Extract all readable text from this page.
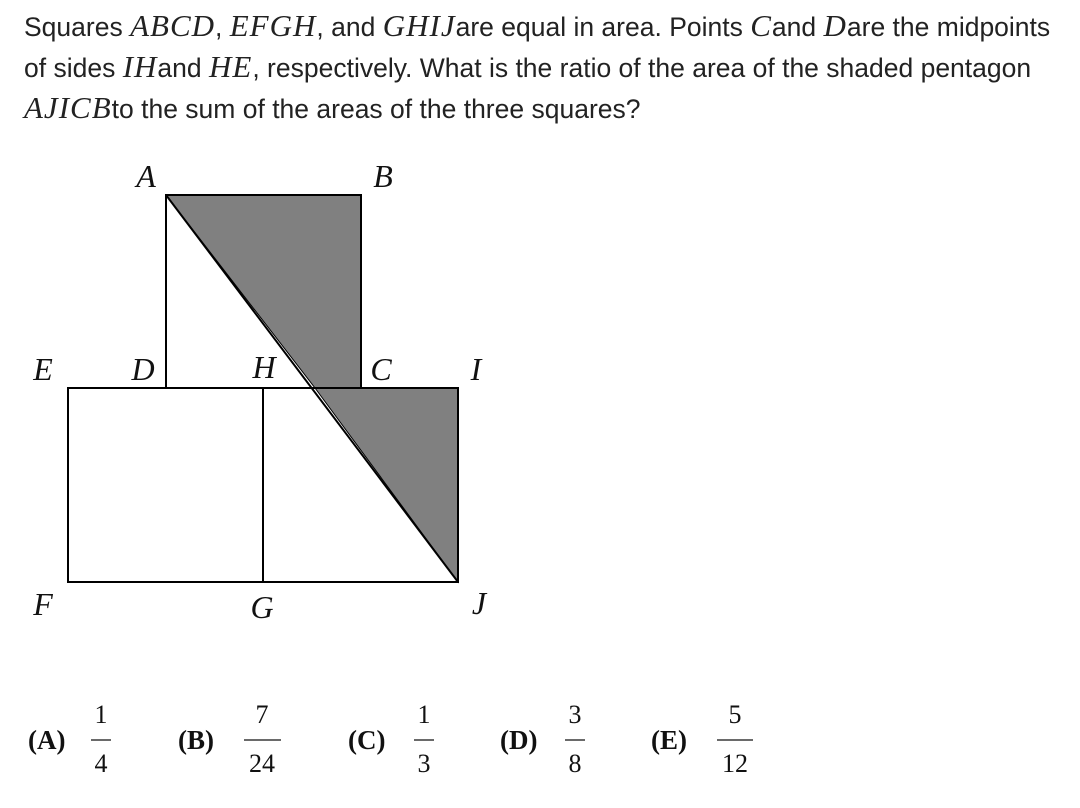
Squares ABCD, EFGH, and GHIJare equal in area. Points Cand Dare the midpoints of sides IHand HE, respectively. What is the ratio of the area of the shaded pentagon AJICBto the sum of the areas of the three squares?

A	B
C
D
E
F	G
H	I
J
(A)
1
4
(B)
7
24
(C)
1
3
(D)
3
8
(E)
5
12
